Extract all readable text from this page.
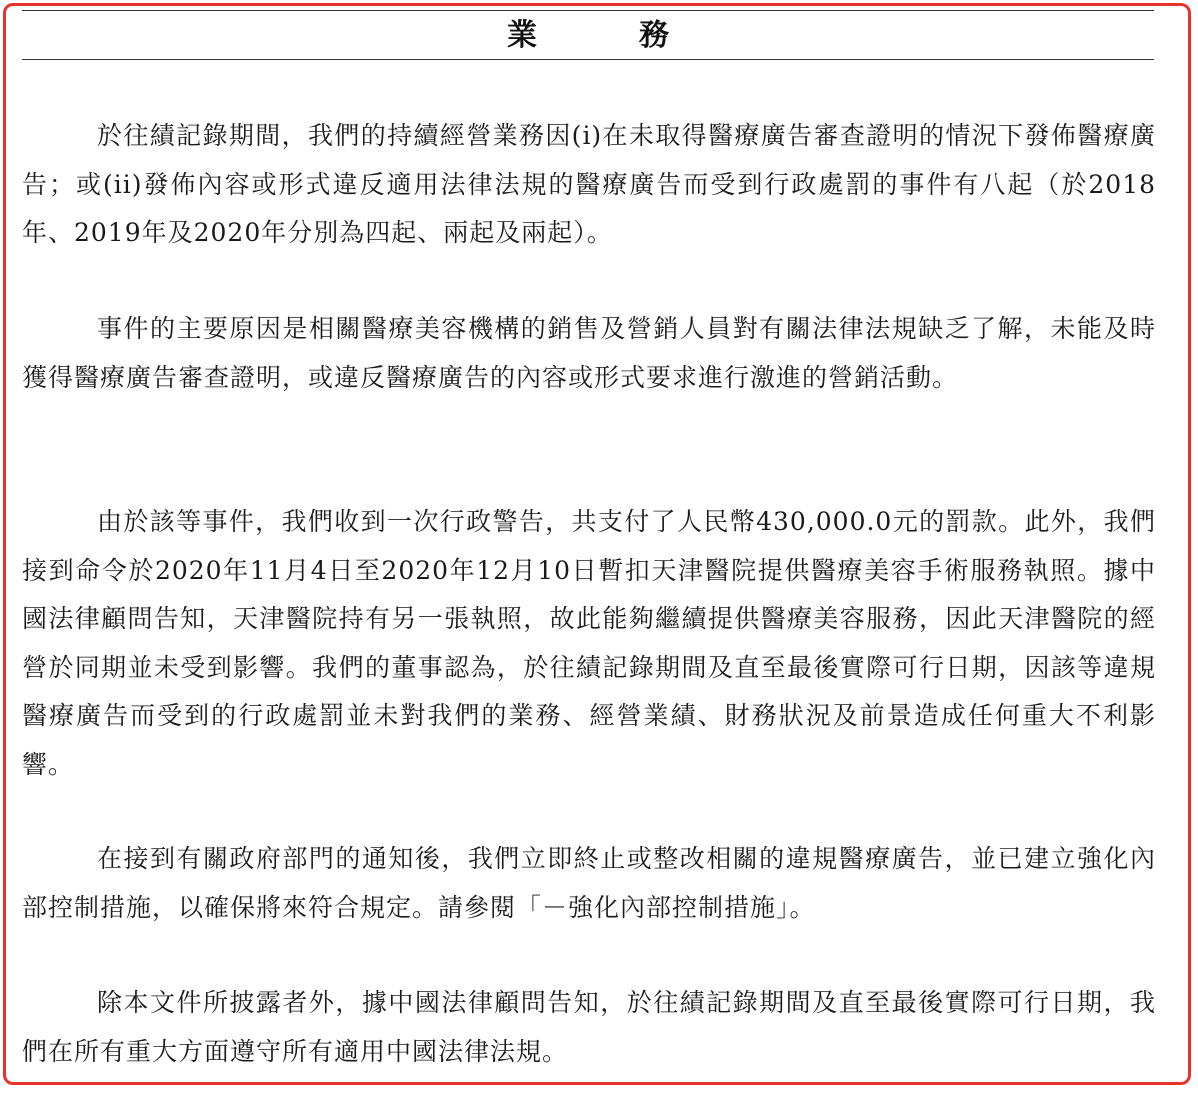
業　務

於往績記錄期間，我們的持續經營業務因(i)在未取得醫療廣告審查證明的情況下發佈醫療廣告；或(ii)發佈內容或形式違反適用法律法規的醫療廣告而受到行政處罰的事件有八起（於2018年、2019年及2020年分別為四起、兩起及兩起）。

事件的主要原因是相關醫療美容機構的銷售及營銷人員對有關法律法規缺乏了解，未能及時獲得醫療廣告審查證明，或違反醫療廣告的內容或形式要求進行激進的營銷活動。

由於該等事件，我們收到一次行政警告，共支付了人民幣430,000.0元的罰款。此外，我們接到命令於2020年11月4日至2020年12月10日暫扣天津醫院提供醫療美容手術服務執照。據中國法律顧問告知，天津醫院持有另一張執照，故此能夠繼續提供醫療美容服務，因此天津醫院的經營於同期並未受到影響。我們的董事認為，於往績記錄期間及直至最後實際可行日期，因該等違規醫療廣告而受到的行政處罰並未對我們的業務、經營業績、財務狀況及前景造成任何重大不利影響。

在接到有關政府部門的通知後，我們立即終止或整改相關的違規醫療廣告，並已建立強化內部控制措施，以確保將來符合規定。請參閱「－強化內部控制措施」。

除本文件所披露者外，據中國法律顧問告知，於往績記錄期間及直至最後實際可行日期，我們在所有重大方面遵守所有適用中國法律法規。
